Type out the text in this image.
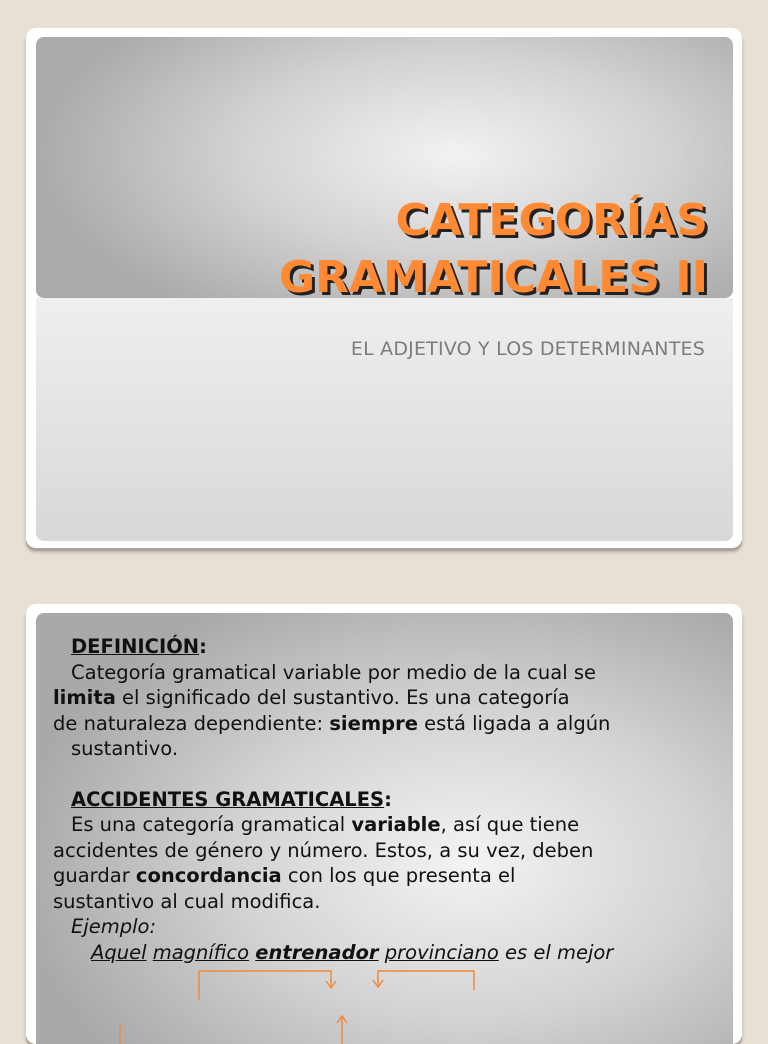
CATEGORÍAS
GRAMATICALES II
EL ADJETIVO Y LOS DETERMINANTES

DEFINICIÓN:

Categoría gramatical variable por medio de la cual se

limita el significado del sustantivo. Es una categoría

de naturaleza dependiente: siempre está ligada a algún

sustantivo.

ACCIDENTES GRAMATICALES:

Es una categoría gramatical variable, así que tiene

accidentes de género y número. Estos, a su vez, deben

guardar concordancia con los que presenta el

sustantivo al cual modifica.

Ejemplo:

Aquel magnífico entrenador provinciano es el mejor
